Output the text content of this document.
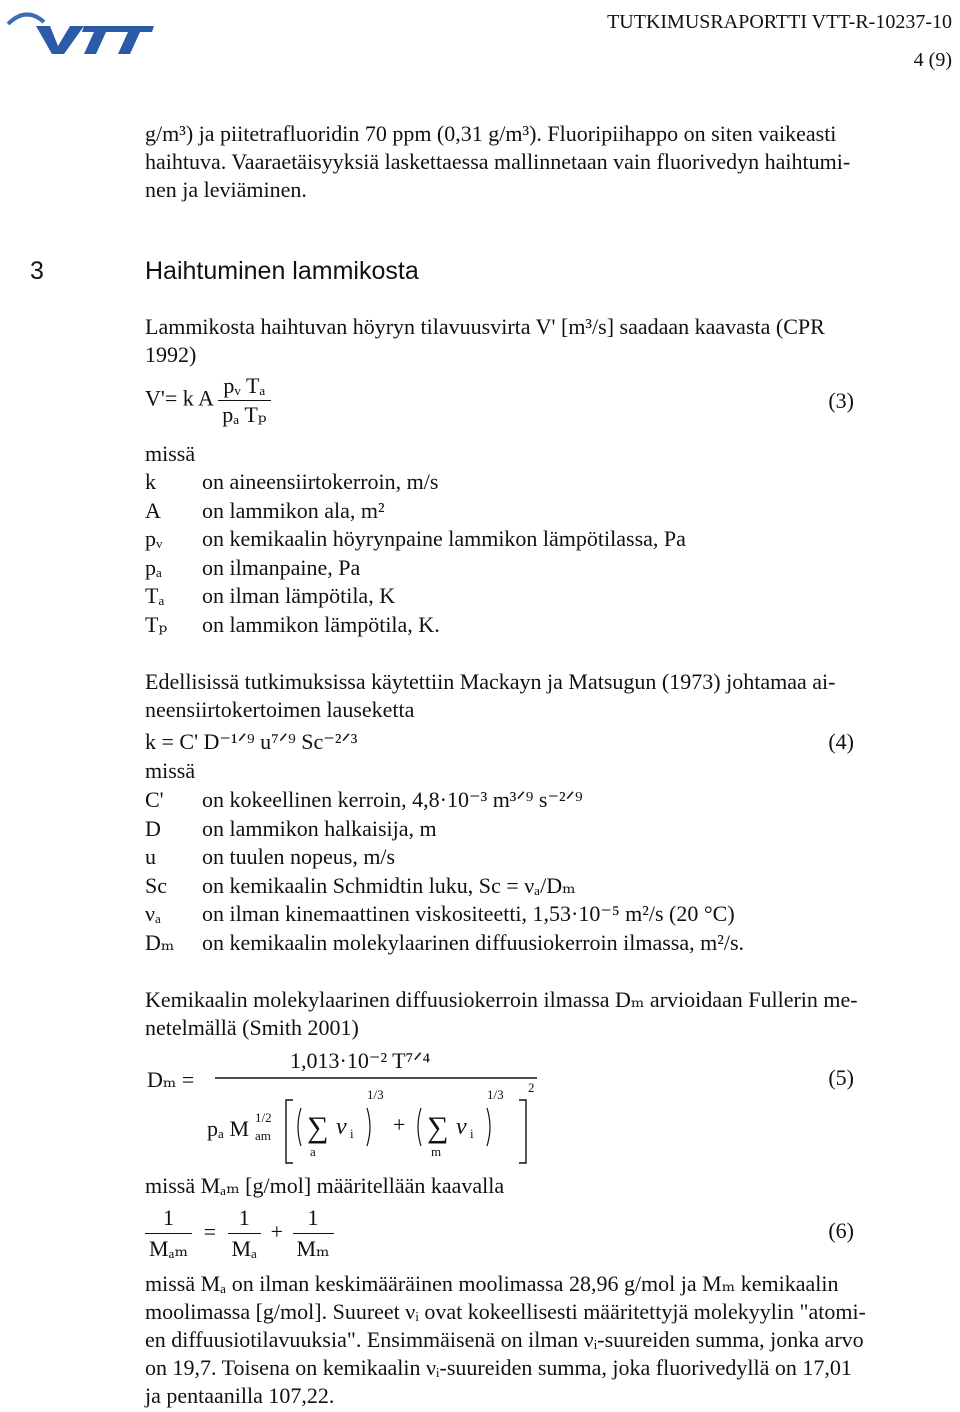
TUTKIMUSRAPORTTI VTT-R-10237-10
4 (9)
g/m³) ja piitetrafluoridin 70 ppm (0,31 g/m³). Fluoripiihappo on siten vaikeasti
haihtuva. Vaaraetäisyyksiä laskettaessa mallinnetaan vain fluorivedyn haihtumi-
nen ja leviäminen.
3	Haihtuminen lammikosta
Lammikosta haihtuvan höyryn tilavuusvirta V' [m³/s] saadaan kaavasta (CPR
1992)
V'= k A $\frac{\text{pᵥ Tₐ}}{\text{pₐ Tₚ}}$	(3)
missä
k on aineensiirtokerroin, m/s
A on lammikon ala, m²
pᵥ on kemikaalin höyrynpaine lammikon lämpötilassa, Pa
pₐ on ilmanpaine, Pa
Tₐ on ilman lämpötila, K
Tₚ on lammikon lämpötila, K.
Edellisissä tutkimuksissa käytettiin Mackayn ja Matsugun (1973) johtamaa ai-
neensiirtokertoimen lauseketta
k = C' D⁻¹ᐟ⁹ u⁷ᐟ⁹ Sc⁻²ᐟ³	(4)
missä
C' on kokeellinen kerroin, 4,8·10⁻³ m³ᐟ⁹ s⁻²ᐟ⁹
D on lammikon halkaisija, m
u on tuulen nopeus, m/s
Sc on kemikaalin Schmidtin luku, Sc = νₐ/Dₘ
νₐ on ilman kinemaattinen viskositeetti, 1,53·10⁻⁵ m²/s (20 °C)
Dₘ on kemikaalin molekylaarinen diffuusiokerroin ilmassa, m²/s.
Kemikaalin molekylaarinen diffuusiokerroin ilmassa Dₘ arvioidaan Fullerin me-
netelmällä (Smith 2001)
Dₘ =
1,013·10⁻² T⁷ᐟ⁴
pₐ M 1/2
am ∑
a
ν i
1/3
+ ∑
m
ν i
1/3 2	(5)
missä Mₐₘ [g/mol] määritellään kaavalla
$\frac{1}{\text{Mₐₘ}} = \frac{1}{\text{Mₐ}} + \frac{1}{\text{Mₘ}}$	(6)
missä Mₐ on ilman keskimääräinen moolimassa 28,96 g/mol ja Mₘ kemikaalin
moolimassa [g/mol]. Suureet νᵢ ovat kokeellisesti määritettyjä molekyylin "atomi-
en diffuusiotilavuuksia". Ensimmäisenä on ilman νᵢ-suureiden summa, jonka arvo
on 19,7. Toisena on kemikaalin νᵢ-suureiden summa, joka fluorivedyllä on 17,01
ja pentaanilla 107,22.
